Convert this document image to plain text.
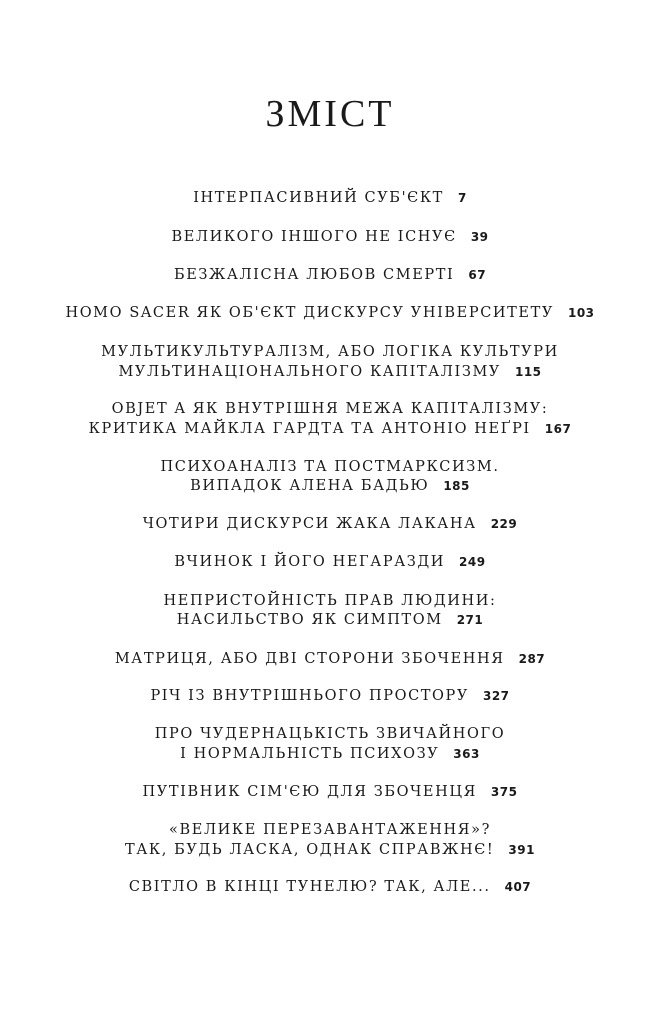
ЗМІСТ
ІНТЕРПАСИВНИЙ СУБ'ЄКТ 7
ВЕЛИКОГО ІНШОГО НЕ ІСНУЄ 39
БЕЗЖАЛІСНА ЛЮБОВ СМЕРТІ 67
HOMO SACER ЯК ОБ'ЄКТ ДИСКУРСУ УНІВЕРСИТЕТУ 103
МУЛЬТИКУЛЬТУРАЛІЗМ, АБО ЛОГІКА КУЛЬТУРИ
МУЛЬТИНАЦІОНАЛЬНОГО КАПІТАЛІЗМУ 115
OBJET A ЯК ВНУТРІШНЯ МЕЖА КАПІТАЛІЗМУ:
КРИТИКА МАЙКЛА ГАРДТА ТА АНТОНІО НЕҐРІ 167
ПСИХОАНАЛІЗ ТА ПОСТМАРКСИЗМ.
ВИПАДОК АЛЕНА БАДЬЮ 185
ЧОТИРИ ДИСКУРСИ ЖАКА ЛАКАНА 229
ВЧИНОК І ЙОГО НЕГАРАЗДИ 249
НЕПРИСТОЙНІСТЬ ПРАВ ЛЮДИНИ:
НАСИЛЬСТВО ЯК СИМПТОМ 271
МАТРИЦЯ, АБО ДВІ СТОРОНИ ЗБОЧЕННЯ 287
РІЧ ІЗ ВНУТРІШНЬОГО ПРОСТОРУ 327
ПРО ЧУДЕРНАЦЬКІСТЬ ЗВИЧАЙНОГО
І НОРМАЛЬНІСТЬ ПСИХОЗУ 363
ПУТІВНИК СІМ'ЄЮ ДЛЯ ЗБОЧЕНЦЯ 375
«ВЕЛИКЕ ПЕРЕЗАВАНТАЖЕННЯ»?
ТАК, БУДЬ ЛАСКА, ОДНАК СПРАВЖНЄ! 391
СВІТЛО В КІНЦІ ТУНЕЛЮ? ТАК, АЛЕ... 407
